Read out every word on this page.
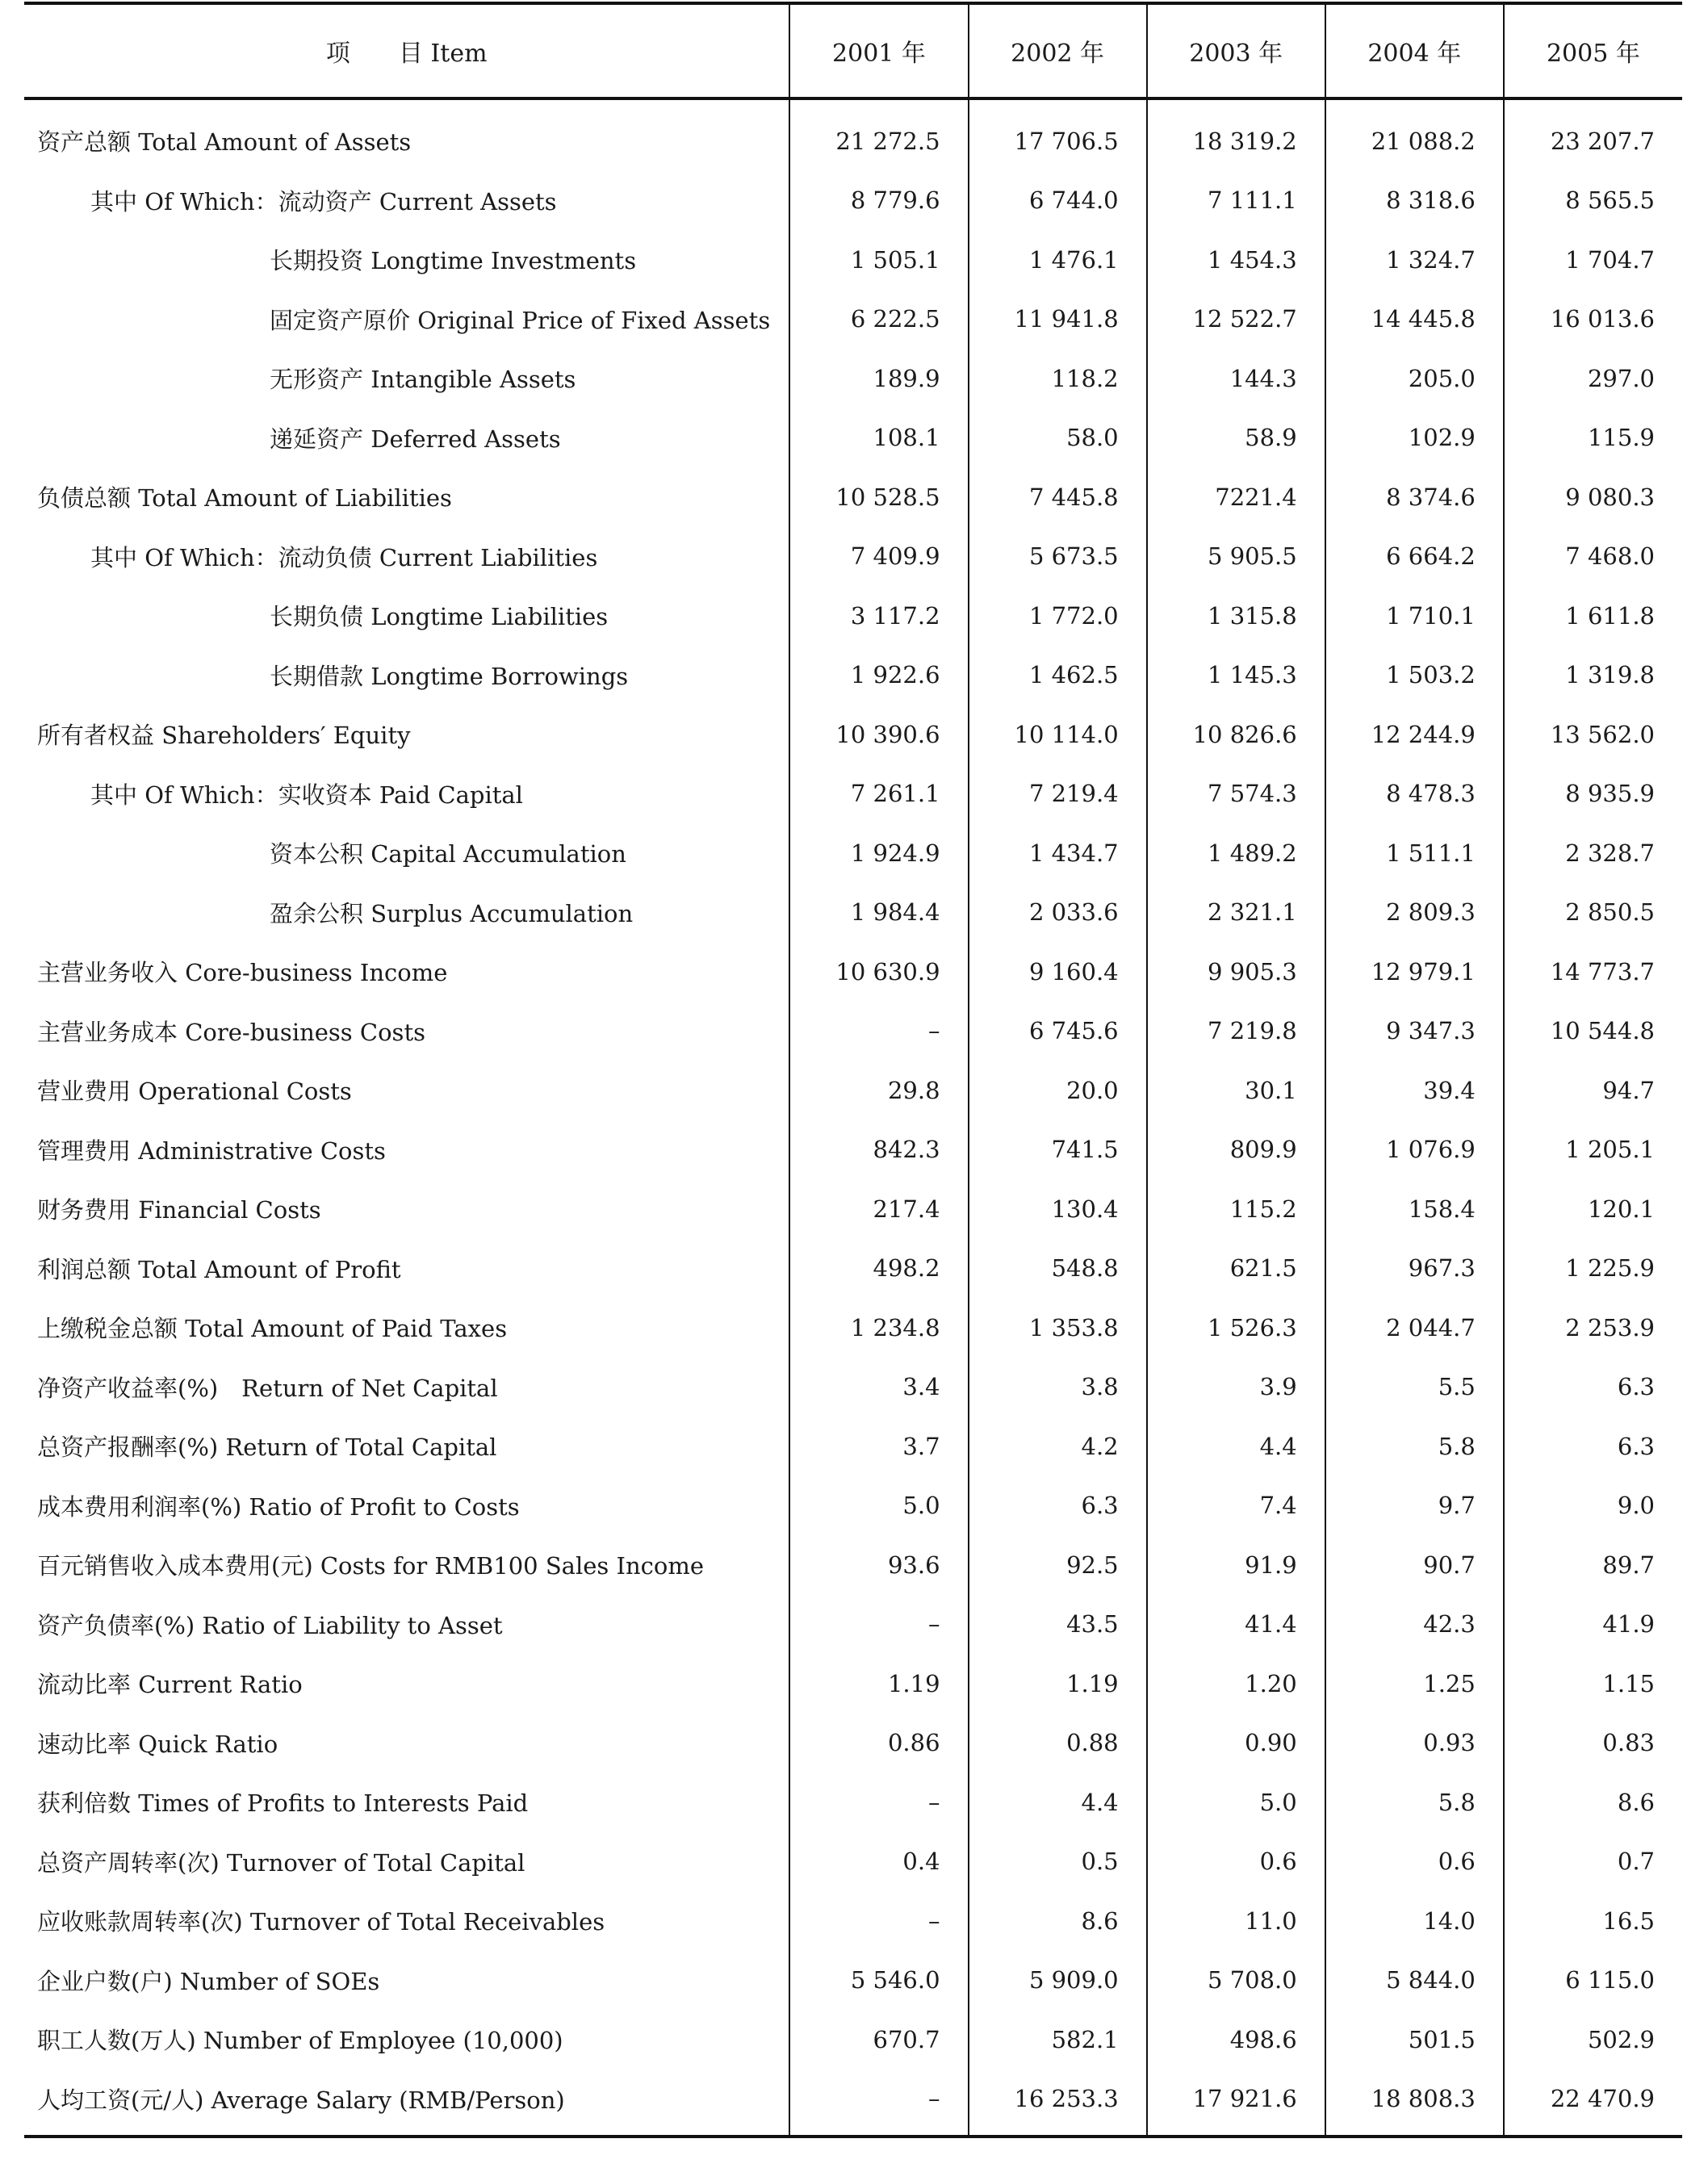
项　　目 Item	2001 年	2002 年	2003 年	2004 年	2005 年
资产总额 Total Amount of Assets	21 272.5	17 706.5	18 319.2	21 088.2	23 207.7
其中 Of Which：流动资产 Current Assets	8 779.6	6 744.0	7 111.1	8 318.6	8 565.5
长期投资 Longtime Investments	1 505.1	1 476.1	1 454.3	1 324.7	1 704.7
固定资产原价 Original Price of Fixed Assets	6 222.5	11 941.8	12 522.7	14 445.8	16 013.6
无形资产 Intangible Assets	189.9	118.2	144.3	205.0	297.0
递延资产 Deferred Assets	108.1	58.0	58.9	102.9	115.9
负债总额 Total Amount of Liabilities	10 528.5	7 445.8	7221.4	8 374.6	9 080.3
其中 Of Which：流动负债 Current Liabilities	7 409.9	5 673.5	5 905.5	6 664.2	7 468.0
长期负债 Longtime Liabilities	3 117.2	1 772.0	1 315.8	1 710.1	1 611.8
长期借款 Longtime Borrowings	1 922.6	1 462.5	1 145.3	1 503.2	1 319.8
所有者权益 Shareholders′ Equity	10 390.6	10 114.0	10 826.6	12 244.9	13 562.0
其中 Of Which：实收资本 Paid Capital	7 261.1	7 219.4	7 574.3	8 478.3	8 935.9
资本公积 Capital Accumulation	1 924.9	1 434.7	1 489.2	1 511.1	2 328.7
盈余公积 Surplus Accumulation	1 984.4	2 033.6	2 321.1	2 809.3	2 850.5
主营业务收入 Core-business Income	10 630.9	9 160.4	9 905.3	12 979.1	14 773.7
主营业务成本 Core-business Costs	–	6 745.6	7 219.8	9 347.3	10 544.8
营业费用 Operational Costs	29.8	20.0	30.1	39.4	94.7
管理费用 Administrative Costs	842.3	741.5	809.9	1 076.9	1 205.1
财务费用 Financial Costs	217.4	130.4	115.2	158.4	120.1
利润总额 Total Amount of Profit	498.2	548.8	621.5	967.3	1 225.9
上缴税金总额 Total Amount of Paid Taxes	1 234.8	1 353.8	1 526.3	2 044.7	2 253.9
净资产收益率(%)　Return of Net Capital	3.4	3.8	3.9	5.5	6.3
总资产报酬率(%) Return of Total Capital	3.7	4.2	4.4	5.8	6.3
成本费用利润率(%) Ratio of Profit to Costs	5.0	6.3	7.4	9.7	9.0
百元销售收入成本费用(元) Costs for RMB100 Sales Income	93.6	92.5	91.9	90.7	89.7
资产负债率(%) Ratio of Liability to Asset	–	43.5	41.4	42.3	41.9
流动比率 Current Ratio	1.19	1.19	1.20	1.25	1.15
速动比率 Quick Ratio	0.86	0.88	0.90	0.93	0.83
获利倍数 Times of Profits to Interests Paid	–	4.4	5.0	5.8	8.6
总资产周转率(次) Turnover of Total Capital	0.4	0.5	0.6	0.6	0.7
应收账款周转率(次) Turnover of Total Receivables	–	8.6	11.0	14.0	16.5
企业户数(户) Number of SOEs	5 546.0	5 909.0	5 708.0	5 844.0	6 115.0
职工人数(万人) Number of Employee (10,000)	670.7	582.1	498.6	501.5	502.9
人均工资(元/人) Average Salary (RMB/Person)	–	16 253.3	17 921.6	18 808.3	22 470.9
